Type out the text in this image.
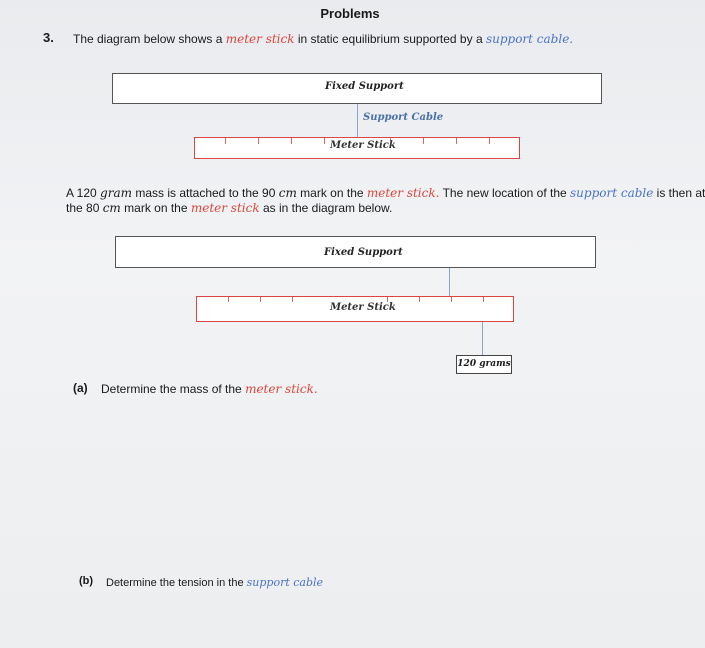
Problems
3. The diagram below shows a meter stick in static equilibrium supported by a support cable.
Fixed Support
Support Cable
Meter Stick
A 120 gram mass is attached to the 90 cm mark on the meter stick. The new location of the support cable is then at
the 80 cm mark on the meter stick as in the diagram below.
Fixed Support
Meter Stick
120 grams
(a) Determine the mass of the meter stick.
(b) Determine the tension in the support cable
